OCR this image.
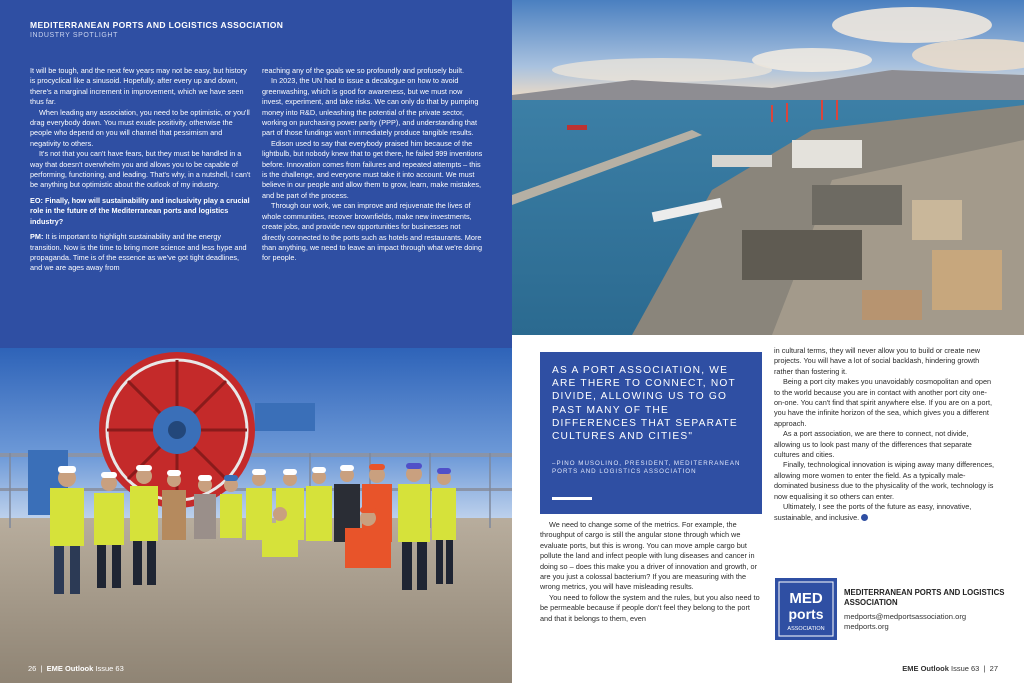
MEDITERRANEAN PORTS AND LOGISTICS ASSOCIATION
INDUSTRY SPOTLIGHT

It will be tough, and the next few years may not be easy, but history is procyclical like a sinusoid. Hopefully, after every up and down, there's a marginal increment in improvement, which we have seen thus far.

When leading any association, you need to be optimistic, or you'll drag everybody down. You must exude positivity, otherwise the people who depend on you will channel that pessimism and negativity to others.

It's not that you can't have fears, but they must be handled in a way that doesn't overwhelm you and allows you to be capable of performing, functioning, and leading. That's why, in a nutshell, I can't be anything but optimistic about the outlook of my industry.

EO: Finally, how will sustainability and inclusivity play a crucial role in the future of the Mediterranean ports and logistics industry?

PM: It is important to highlight sustainability and the energy transition. Now is the time to bring more science and less hype and propaganda. Time is of the essence as we've got tight deadlines, and we are ages away from

reaching any of the goals we so profoundly and profusely built.

In 2023, the UN had to issue a decalogue on how to avoid greenwashing, which is good for awareness, but we must now invest, experiment, and take risks. We can only do that by pumping money into R&D, unleashing the potential of the private sector, working on purchasing power parity (PPP), and understanding that part of those fundings won't immediately produce tangible results.

Edison used to say that everybody praised him because of the lightbulb, but nobody knew that to get there, he failed 999 inventions before. Innovation comes from failures and repeated attempts – this is the challenge, and everyone must take it into account. We must believe in our people and allow them to grow, learn, make mistakes, and be part of the process.

Through our work, we can improve and rejuvenate the lives of whole communities, recover brownfields, make new investments, create jobs, and provide new opportunities for businesses not directly connected to the ports such as hotels and restaurants. More than anything, we need to leave an impact through what we're doing for people.

26  |  EME Outlook Issue 63
AS A PORT ASSOCIATION, WE ARE THERE TO CONNECT, NOT DIVIDE, ALLOWING US TO GO PAST MANY OF THE DIFFERENCES THAT SEPARATE CULTURES AND CITIES"
–PINO MUSOLINO, PRESIDENT, MEDITERRANEAN PORTS AND LOGISTICS ASSOCIATION

We need to change some of the metrics. For example, the throughput of cargo is still the angular stone through which we evaluate ports, but this is wrong. You can move ample cargo but pollute the land and infect people with lung diseases and cancer in doing so – does this make you a driver of innovation and growth, or are you just a colossal bacterium? If you are measuring with the wrong metrics, you will have misleading results.

You need to follow the system and the rules, but you also need to be permeable because if people don't feel they belong to the port and that it belongs to them, even

in cultural terms, they will never allow you to build or create new projects. You will have a lot of social backlash, hindering growth rather than fostering it.

Being a port city makes you unavoidably cosmopolitan and open to the world because you are in contact with another port city one-on-one. You can't find that spirit anywhere else. If you are on a port, you have the infinite horizon of the sea, which gives you a different approach.

As a port association, we are there to connect, not divide, allowing us to look past many of the differences that separate cultures and cities.

Finally, technological innovation is wiping away many differences, allowing more women to enter the field. As a typically male-dominated business due to the physicality of the work, technology is now equalising it so others can enter.

Ultimately, I see the ports of the future as easy, innovative, sustainable, and inclusive.

MED
ports
ASSOCIATION
MEDITERRANEAN PORTS AND LOGISTICS ASSOCIATION
medports@medportsassociation.org
medports.org
EME Outlook Issue 63  |  27
